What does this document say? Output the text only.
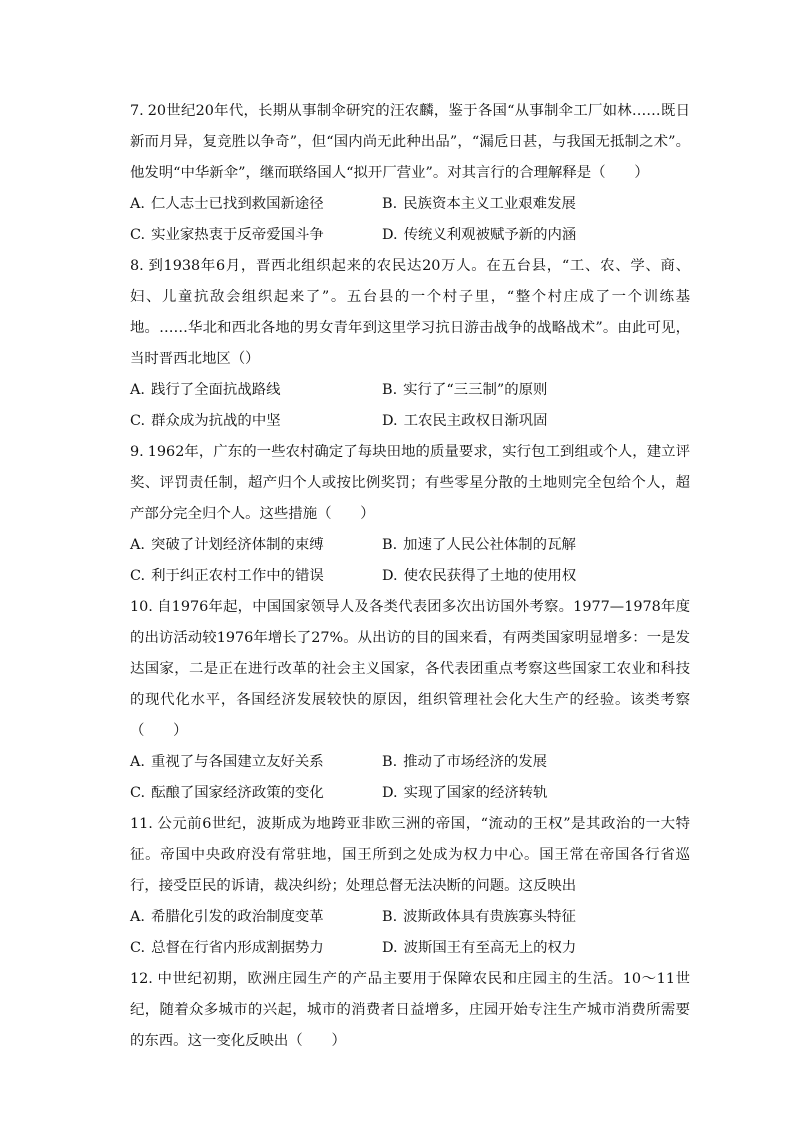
7. 20世纪20年代，长期从事制伞研究的汪农麟，鉴于各国“从事制伞工厂如林……既日新而月异，复竞胜以争奇”，但“国内尚无此种出品”，“漏卮日甚，与我国无抵制之术”。他发明“中华新伞”，继而联络国人“拟开厂营业”。对其言行的合理解释是（　　）

A. 仁人志士已找到救国新途径	B. 民族资本主义工业艰难发展
C. 实业家热衷于反帝爱国斗争	D. 传统义利观被赋予新的内涵

8. 到1938年6月，晋西北组织起来的农民达20万人。在五台县，“工、农、学、商、妇、儿童抗敌会组织起来了”。五台县的一个村子里，“整个村庄成了一个训练基地。……华北和西北各地的男女青年到这里学习抗日游击战争的战略战术”。由此可见，当时晋西北地区（）

A. 践行了全面抗战路线	B. 实行了“三三制”的原则
C. 群众成为抗战的中坚	D. 工农民主政权日渐巩固

9. 1962年，广东的一些农村确定了每块田地的质量要求，实行包工到组或个人，建立评奖、评罚责任制，超产归个人或按比例奖罚；有些零星分散的土地则完全包给个人，超产部分完全归个人。这些措施（　　）

A. 突破了计划经济体制的束缚	B. 加速了人民公社体制的瓦解
C. 利于纠正农村工作中的错误	D. 使农民获得了土地的使用权

10. 自1976年起，中国国家领导人及各类代表团多次出访国外考察。1977—1978年度的出访活动较1976年增长了27%。从出访的目的国来看，有两类国家明显增多：一是发达国家，二是正在进行改革的社会主义国家，各代表团重点考察这些国家工农业和科技的现代化水平，各国经济发展较快的原因，组织管理社会化大生产的经验。该类考察（　　）

A. 重视了与各国建立友好关系	B. 推动了市场经济的发展
C. 酝酿了国家经济政策的变化	D. 实现了国家的经济转轨

11. 公元前6世纪，波斯成为地跨亚非欧三洲的帝国，“流动的王权”是其政治的一大特征。帝国中央政府没有常驻地，国王所到之处成为权力中心。国王常在帝国各行省巡行，接受臣民的诉请，裁决纠纷；处理总督无法决断的问题。这反映出

A. 希腊化引发的政治制度变革	B. 波斯政体具有贵族寡头特征
C. 总督在行省内形成割据势力	D. 波斯国王有至高无上的权力

12. 中世纪初期，欧洲庄园生产的产品主要用于保障农民和庄园主的生活。10～11世纪，随着众多城市的兴起，城市的消费者日益增多，庄园开始专注生产城市消费所需要的东西。这一变化反映出（　　）
